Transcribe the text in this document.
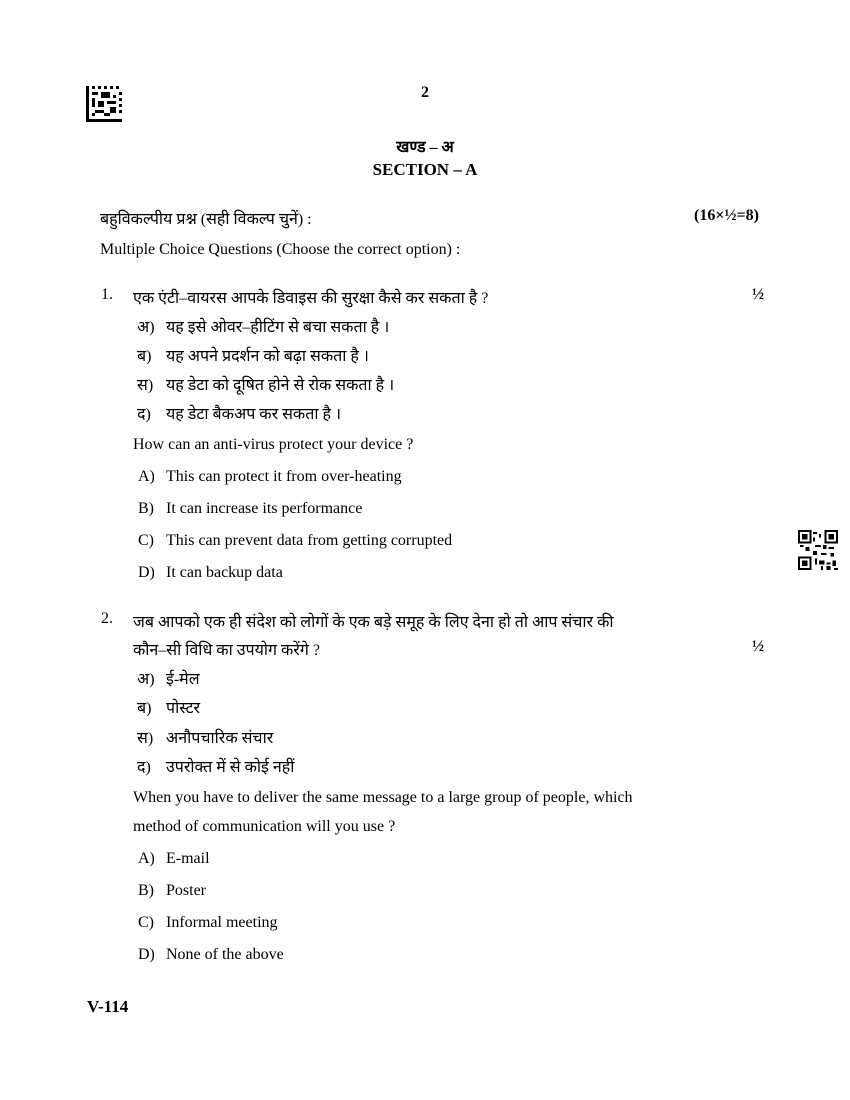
2
खण्ड – अ
SECTION – A
बहुविकल्पीय प्रश्न (सही विकल्प चुनें) :	(16×½=8)
Multiple Choice Questions (Choose the correct option) :
1. एक एंटी–वायरस आपके डिवाइस की सुरक्षा कैसे कर सकता है ?	½
अ) यह इसे ओवर–हीटिंग से बचा सकता है ।
ब) यह अपने प्रदर्शन को बढ़ा सकता है ।
स) यह डेटा को दूषित होने से रोक सकता है ।
द) यह डेटा बैकअप कर सकता है ।
How can an anti-virus protect your device ?
A) This can protect it from over-heating
B) It can increase its performance
C) This can prevent data from getting corrupted
D) It can backup data
2. जब आपको एक ही संदेश को लोगों के एक बड़े समूह के लिए देना हो तो आप संचार की
कौन–सी विधि का उपयोग करेंगे ?	½
अ) ई-मेल
ब) पोस्टर
स) अनौपचारिक संचार
द) उपरोक्त में से कोई नहीं
When you have to deliver the same message to a large group of people, which
method of communication will you use ?
A) E-mail
B) Poster
C) Informal meeting
D) None of the above
V-114
